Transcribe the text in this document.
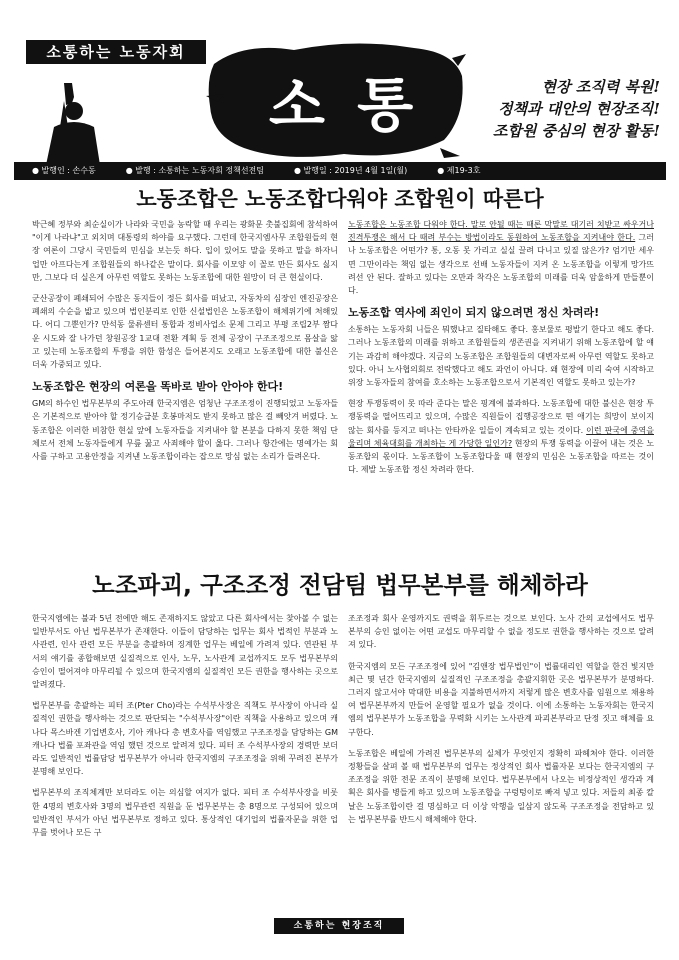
소통하는 노동자회
소 통	현장 조직력 복원!
정책과 대안의 현장조직!
조합원 중심의 현장 활동!
● 발행인 : 손수동	● 발행 : 소통하는 노동자회 정책선전팀	● 발행일 : 2019년 4월 1일(월)	● 제19-3호
노동조합은 노동조합다워야 조합원이 따른다

박근혜 정부와 최순실이가 나라와 국민을 농락할 때 우리는 광화문 촛불집회에 참석하여 "이게 나라냐"고 외치며 대통령의 하야를 요구했다. 그런데 한국지엠사무 조합원들의 현장 여론이 그당시 국민들의 민심을 보는듯 하다. 입이 있어도 말을 못하고 말을 하자니 업만 아프다는게 조합원들의 하나같은 말이다. 회사를 이모양 이 꼴로 만든 회사도 싫지만, 그보다 더 실은게 아무런 역할도 못하는 노동조합에 대한 원망이 더 큰 현실이다.

군산공장이 폐쇄되어 수많은 동지들이 정든 회사를 떠났고, 자동차의 심장인 엔진공장은 폐쇄의 수순을 밟고 있으며 법인분리로 인한 신설법인은 노동조합이 해체위기에 처해있다. 어디 그뿐인가? 만석동 물류센터 통합과 정비사업소 문제 그리고 부평 조립2부 짬다운 시도와 잘 나가던 창원공장 1교대 전환 계획 등 전체 공장이 구조조정으로 몸살을 앓고 있는데 노동조합의 투쟁을 위한 함성은 들어본지도 오래고 노동조합에 대한 불신은 더욱 가중되고 있다.

노동조합은 현장의 여론을 똑바로 받아 안아야 한다!

GM의 하수인 법무본부의 주도아래 한국지엠은 엄청난 구조조정이 진행되었고 노동자들은 기본적으로 받아야 할 정기승급분 호봉마저도 받지 못하고 많은 걸 빼앗겨 버렸다. 노동조합은 이러한 비참한 현실 앞에 노동자들을 지켜내야 할 본분을 다하지 못한 책임 단체로서 전체 노동자들에게 무릎 꿇고 사죄해야 할이 옳다. 그러나 항간에는 명예가는 회사를 구하고 고용안정을 지켜낸 노동조합이라는 잡으로 망심 없는 소리가 들려온다.

노동조합은 노동조합 다워야 한다. 말로 안될 때는 때론 막말로 대기러 치받고 싸우거나 진격투쟁은 해서 다 때려 부수는 방법이라도 동원하여 노동조합을 지켜내야 한다. 그러나 노동조합은 어떤가? 통, 오동 못 가리고 실실 끌려 다니고 있질 않은가? 엄기만 세우면 그만이라는 책임 없는 생각으로 선배 노동자들이 지켜 온 노동조합을 이렇게 망가뜨려선 안 된다. 잘하고 있다는 오만과 착각은 노동조합의 미래를 더욱 암울하게 만들뿐이다.

노동조합 역사에 죄인이 되지 않으려면 정신 차려라!

소통하는 노동자회 니들은 뭐했냐고 질타해도 좋다. 홍보물로 평발기 한다고 해도 좋다. 그러나 노동조합의 미래를 위하고 조합원들의 생존권을 지켜내기 위해 노동조합에 할 얘기는 과감히 해야겠다. 지금의 노동조합은 조합원들의 대변자로써 아무런 역할도 못하고 있다. 아니 노사협의회로 전락했다고 해도 과언이 아니다. 왜 현장에 미리 숙여 시작하고 위장 노동자들의 참여를 호소하는 노동조합으로서 기본적인 역할도 못하고 있는가?

현장 투쟁동력이 못 따라 준다는 말은 핑계에 불과하다. 노동조합에 대한 불신은 현장 투쟁동력을 떨어뜨리고 있으며, 수많은 직원들이 집행공장으로 떤 애기는 희망이 보이지 않는 회사를 등지고 떠나는 안타까운 일들이 계속되고 있는 것이다. 이런 판국에 중역을 울리며 체육대회를 개최하는 게 가당한 일인가? 현장의 투쟁 동력을 이끌어 내는 것은 노동조합의 몫이다. 노동조합이 노동조합다울 때 현장의 민심은 노동조합을 따르는 것이다. 제발 노동조합 정신 차려라 한다.

노조파괴, 구조조정 전담팀 법무본부를 해체하라

한국지엠에는 불과 5년 전에만 해도 존재하지도 않았고 다른 회사에서는 찾아볼 수 없는 일반부서도 아닌 법무본부가 존재한다. 이들이 담당하는 업무는 회사 법적인 부분과 노사관련, 인사 관련 모든 부분을 총괄하며 징계한 업무는 베일에 가려져 있다. 연관된 부서의 얘기를 종합해보면 실질적으로 인사, 노무, 노사관계 교섭까지도 모두 법무본부의 승인이 떨어져야 마무리될 수 있으며 한국지엠의 실질적인 모든 권한을 행사하는 곳으로 알려졌다.

법무본부를 총괄하는 피터 조(Pter Cho)라는 수석부사장은 직책도 부사장이 아니라 실질적인 권한을 행사하는 것으로 판단되는 "수석부사장"이란 직책을 사용하고 있으며 캐나다 목스바겐 기업변호사, 기아 캐나다 총 변호사를 역임했고 구조조정을 담당하는 GM 캐나다 법률 포좌관을 역임 했던 것으로 알려져 있다. 피터 조 수석부사장의 경력만 보더라도 일반적인 법률담당 법무본부가 아니라 한국지엠의 구조조정을 위해 꾸려진 본부가 분명해 보인다.

법무본부의 조직체계만 보더라도 이는 의심할 여지가 없다. 피터 조 수석부사장을 비롯한 4명의 변호사와 3명의 법무관련 직원을 둔 법무본부는 총 8명으로 구성되어 있으며 일반적인 부서가 아닌 법무본부로 정하고 있다. 통상적인 대기업의 법률자문을 위한 업무를 벗어나 모든 구

조조정과 회사 운영까지도 권력을 휘두르는 것으로 보인다. 노사 간의 교섭에서도 법무본부의 승인 없이는 어떤 교섭도 마무리할 수 없을 정도로 권한을 행사하는 것으로 알려져 있다.

한국지엠의 모든 구조조정에 있어 "김앤장 법무법인"이 법률대리인 역할을 한건 빛지만 최근 몇 년간 한국지엠의 실질적인 구조조정을 총괄지휘한 곳은 법무본부가 분명하다. 그러지 않고서야 막대한 비용을 지불하면서까지 저렇게 많은 변호사를 임원으로 채용하여 법무본부까지 만들어 운영할 필요가 없을 것이다. 이에 소통하는 노동자회는 한국지엠의 법무본부가 노동조합을 무력화 시키는 노사관계 파괴본부라고 단정 짓고 해체를 요구한다.

노동조합은 베일에 가려진 법무본부의 실체가 무엇인지 정확히 파헤쳐야 한다. 이러한 정황들을 살펴 볼 때 법무본부의 업무는 정상적인 회사 법률자문 보다는 한국지엠의 구조조정을 위한 전문 조직이 분명해 보인다. 법무본부에서 나오는 비정상적인 생각과 계획은 회사를 병들게 하고 있으며 노동조합을 구렁텅이로 빠져 넣고 있다. 저들의 최종 칼날은 노동조합이란 걸 명심하고 더 이상 악행을 일삼지 않도록 구조조정을 전담하고 있는 법무본부를 반드시 해체해야 한다.

소통하는 현장조직
